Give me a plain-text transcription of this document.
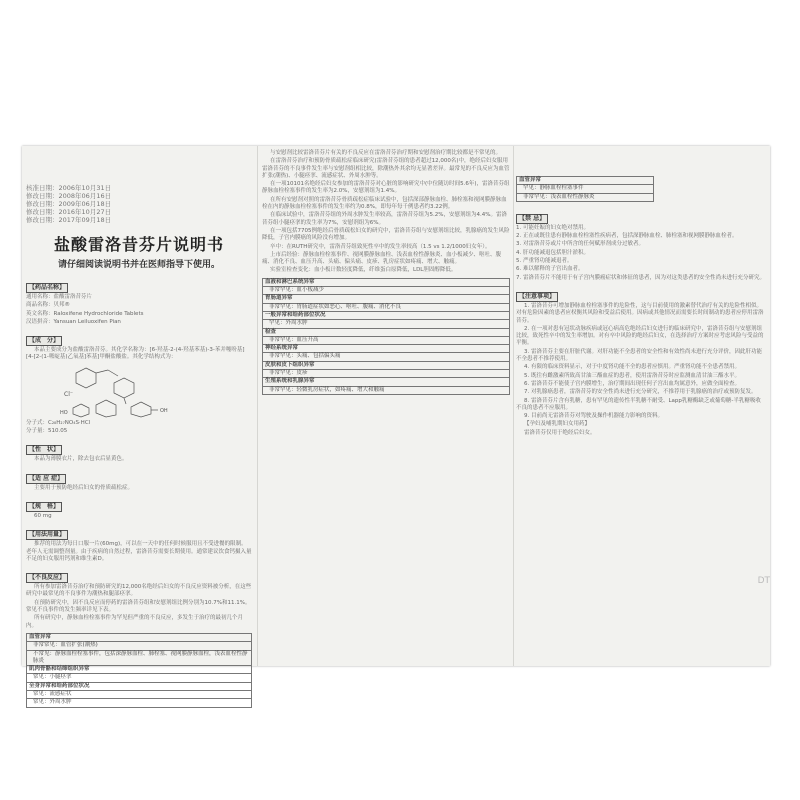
核准日期：2006年10月31日
修改日期：2008年06月16日
修改日期：2009年06月18日
修改日期：2016年10月27日
修改日期：2017年09月18日
盐酸雷洛昔芬片说明书
请仔细阅读说明书并在医师指导下使用。
【药品名称】
通用名称：盐酸雷洛昔芬片
商品名称：贝邦®
英文名称：Raloxifene Hydrochloride Tablets
汉语拼音：Yansuan Leiluoxifen Pian
【成　分】
本品主要成分为盐酸雷洛昔芬。其化学名称为：[6-羟基-2-(4-羟基苯基)-3-苯并噻吩基][4-[2-(1-哌啶基)乙氧基]苯基]甲酮盐酸盐。其化学结构式为：
Cl⁻
OH
HO
分子式：C₂₈H₂₇NO₄S·HCl
分子量：510.05
【性　状】
本品为薄膜衣片，除去包衣后显黄色。
【适 应 症】
主要用于预防绝经后妇女的骨质疏松症。
【规　格】
60 mg
【用法用量】
推荐的用法为每日口服一片(60mg)，可以在一天中的任何时候服用且不受进餐的限制。老年人无需调整剂量。由于疾病的自然过程，雷洛昔芬需要长期使用。通常建议饮食钙摄入量不足的妇女服用钙剂和维生素D。
【不良反应】
所有参加雷洛昔芬治疗和预防研究的12,000名绝经后妇女的不良反应资料被分析，在这些研究中最常见的不良事件为潮热和腿部痉挛。
在预防研究中，因不良反应而停药的雷洛昔芬组和安慰剂组比例分别为10.7%和11.1%。常见不良事件的发生频率详见下表。
所有研究中，静脉血栓栓塞事件为罕见但严重的不良反应，多发生于治疗的最初几个月内。
血管异常
非常常见：血管扩张(潮热)
不常见：静脉血栓栓塞事件，包括深静脉血栓、肺栓塞、视网膜静脉血栓，浅表血栓性静脉炎
肌肉骨骼和结缔组织异常
常见：小腿痉挛
全身异常和给药部位状况
常见：流感症状
常见：外周水肿
与安慰剂比较雷洛昔芬片有关的不良反应在雷洛昔芬治疗期和安慰剂治疗期比较都是不常见的。
在雷洛昔芬治疗和预防骨质疏松症临床研究(雷洛昔芬组的患者超过12,000名)中，绝经后妇女服用雷洛昔芬的不良事件发生率与安慰剂组相比较，除潮热外其余均无显著差异。最常见的不良反应为血管扩张(潮热)、小腿痉挛、流感症状、外周水肿等。
在一项10101名绝经后妇女参加的雷洛昔芬对心脏的影响研究中(中位随访时间5.6年)，雷洛昔芬组静脉血栓栓塞事件的发生率为2.0%，安慰剂组为1.4%。
在所有安慰剂对照的雷洛昔芬骨质疏松症临床试验中，包括深部静脉血栓、肺栓塞和视网膜静脉血栓在内的静脉血栓栓塞事件的发生率约为0.8%，即每年每千例患者约3.22例。
在临床试验中，雷洛昔芬组的外周水肿发生率较高，雷洛昔芬组为5.2%，安慰剂组为4.4%。雷洛昔芬组小腿痉挛的发生率为7%，安慰剂组为6%。
在一项包括7705例绝经后骨质疏松妇女的研究中，雷洛昔芬组与安慰剂组比较，乳腺癌的发生风险降低，子宫内膜癌的风险没有增加。
卒中：在RUTH研究中，雷洛昔芬组致死性卒中的发生率较高（1.5 vs 1.2/1000妇女年）。
上市后经验：静脉血栓栓塞事件、视网膜静脉血栓、浅表血栓性静脉炎、血小板减少、呕吐、腹痛、消化不良、血压升高、头痛、偏头痛、皮疹、乳房症状如疼痛、增大、触痛。
实验室检查变化：血小板计数轻度降低，纤维蛋白原降低，LDL胆固醇降低。
血液和淋巴系统异常
非常罕见：血小板减少
胃肠道异常
非常罕见：胃肠道症状如恶心、呕吐、腹痛、消化不良
一般异常和给药部位状况
罕见：外周水肿
检查
非常罕见：血压升高
神经系统异常
非常罕见：头痛、包括偏头痛
皮肤和皮下组织异常
非常罕见：皮疹
生殖系统和乳腺异常
非常罕见：轻微乳房症状，如疼痛、增大和触痛
血管异常
罕见：静脉血栓栓塞事件
非常罕见：浅表血栓性静脉炎
【禁 忌】
1. 可能妊娠的妇女绝对禁用。
2. 正在或既往患有静脉血栓栓塞性疾病者，包括深静脉血栓、肺栓塞和视网膜静脉血栓者。
3. 对雷洛昔芬或片中所含的任何赋形剂成分过敏者。
4. 肝功能减退包括胆汁淤积。
5. 严重肾功能减退者。
6. 难以解释的子宫出血者。
7. 雷洛昔芬片不能用于有子宫内膜癌症状和体征的患者，因为对这类患者的安全性尚未进行充分研究。
【注意事项】
1. 雷洛昔芬可增加静脉血栓栓塞事件的危险性，这与目前使用的激素替代治疗有关的危险性相似。对有危险因素的患者应权衡其风险和受益后使用。因病或其他情况而需要长时间制动的患者应停用雷洛昔芬。
2. 在一项对患有冠状动脉疾病或冠心病高危绝经后妇女进行的临床研究中，雷洛昔芬组与安慰剂组比较，致死性卒中的发生率增加。对有卒中风险的绝经后妇女，在选择治疗方案时应考虑风险与受益的平衡。
3. 雷洛昔芬主要在肝脏代谢。对肝功能不全患者的安全性和有效性尚未进行充分评价，因此肝功能不全患者不推荐使用。
4. 有限的临床资料显示，对于中度肾功能不全的患者应慎用。严重肾功能不全患者禁用。
5. 既往有雌激素所致高甘油三酯血症的患者，使用雷洛昔芬时应监测血清甘油三酯水平。
6. 雷洛昔芬不能使子宫内膜增生，治疗期间出现任何子宫出血均属意外，应做全面检查。
7. 对乳腺癌患者，雷洛昔芬的安全性尚未进行充分研究，不推荐用于乳腺癌的治疗或预防复发。
8. 雷洛昔芬片含有乳糖，患有罕见的遗传性半乳糖不耐受、Lapp乳糖酶缺乏或葡萄糖-半乳糖吸收不良的患者不应服用。
9. 目前尚无雷洛昔芬对驾驶及操作机器能力影响的资料。
【孕妇及哺乳期妇女用药】
雷洛昔芬仅用于绝经后妇女。
DT
